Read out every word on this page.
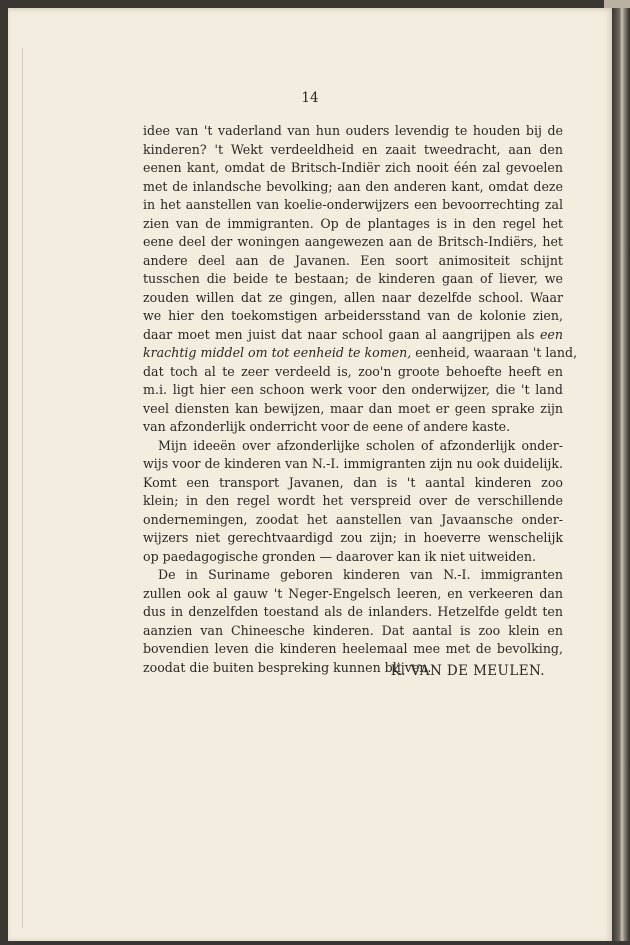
14

idee van 't vaderland van hun ouders levendig te houden bij de
kinderen? 't Wekt verdeeldheid en zaait tweedracht, aan den
eenen kant, omdat de Britsch-Indiër zich nooit één zal gevoelen
met de inlandsche bevolking; aan den anderen kant, omdat deze
in het aanstellen van koelie-onderwijzers een bevoorrechting zal
zien van de immigranten. Op de plantages is in den regel het
eene deel der woningen aangewezen aan de Britsch-Indiërs, het
andere deel aan de Javanen. Een soort animositeit schijnt
tusschen die beide te bestaan; de kinderen gaan of liever, we
zouden willen dat ze gingen, allen naar dezelfde school. Waar
we hier den toekomstigen arbeidersstand van de kolonie zien,
daar moet men juist dat naar school gaan al aangrijpen als een
krachtig middel om tot eenheid te komen, eenheid, waaraan 't land,
dat toch al te zeer verdeeld is, zoo'n groote behoefte heeft en
m.i. ligt hier een schoon werk voor den onderwijzer, die 't land
veel diensten kan bewijzen, maar dan moet er geen sprake zijn
van afzonderlijk onderricht voor de eene of andere kaste.
Mijn ideeën over afzonderlijke scholen of afzonderlijk onder-
wijs voor de kinderen van N.-I. immigranten zijn nu ook duidelijk.
Komt een transport Javanen, dan is 't aantal kinderen zoo
klein; in den regel wordt het verspreid over de verschillende
ondernemingen, zoodat het aanstellen van Javaansche onder-
wijzers niet gerechtvaardigd zou zijn; in hoeverre wenschelijk
op paedagogische gronden — daarover kan ik niet uitweiden.
De in Suriname geboren kinderen van N.-I. immigranten
zullen ook al gauw 't Neger-Engelsch leeren, en verkeeren dan
dus in denzelfden toestand als de inlanders. Hetzelfde geldt ten
aanzien van Chineesche kinderen. Dat aantal is zoo klein en
bovendien leven die kinderen heelemaal mee met de bevolking,
zoodat die buiten bespreking kunnen blijven.
K. VAN DE MEULEN.
